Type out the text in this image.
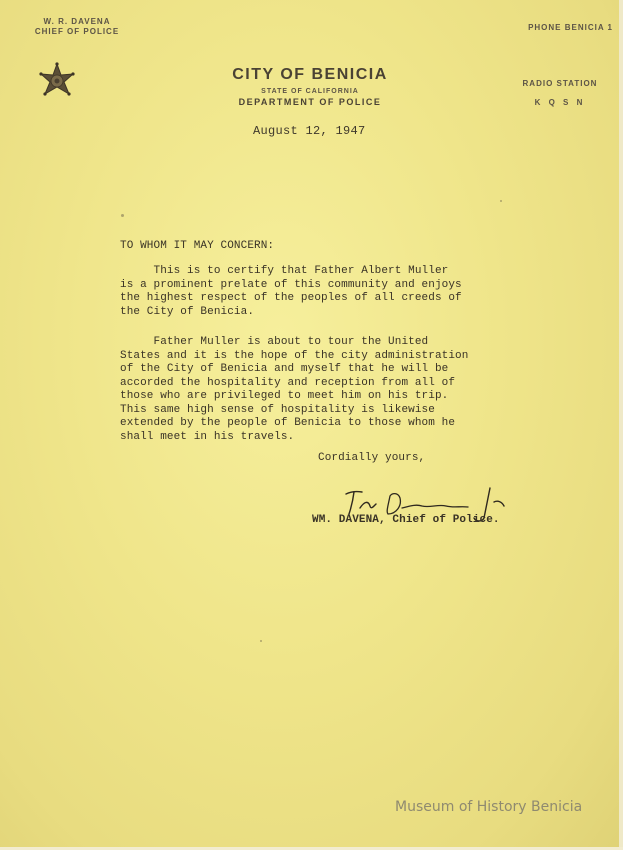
W. R. DAVENA
CHIEF OF POLICE	PHONE BENICIA 1
CITY OF BENICIA
STATE OF CALIFORNIA
DEPARTMENT OF POLICE
RADIO STATION
K Q S N
August 12, 1947
TO WHOM IT MAY CONCERN:
This is to certify that Father Albert Muller
is a prominent prelate of this community and enjoys
the highest respect of the peoples of all creeds of
the City of Benicia.
Father Muller is about to tour the United
States and it is the hope of the city administration
of the City of Benicia and myself that he will be
accorded the hospitality and reception from all of
those who are privileged to meet him on his trip.
This same high sense of hospitality is likewise
extended by the people of Benicia to those whom he
shall meet in his travels.
Cordially yours,
WM. DAVENA, Chief of Police.
Museum of History Benicia
